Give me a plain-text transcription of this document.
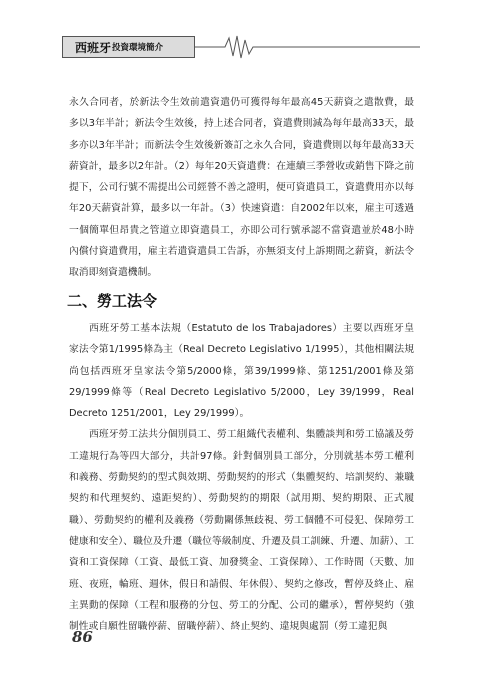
西班牙 投資環境簡介

永久合同者，於新法令生效前遣資遣仍可獲得每年最高45天薪資之遣散費，最多以3年半計；新法令生效後，持上述合同者，資遣費則減為每年最高33天，最多亦以3年半計；而新法令生效後新簽訂之永久合同，資遣費則以每年最高33天薪資計，最多以2年計。（2）每年20天資遣費：在連續三季營收或銷售下降之前提下，公司行號不需提出公司經營不善之證明，便可資遣員工，資遣費用亦以每年20天薪資計算，最多以一年計。（3）快速資遣：自2002年以來，雇主可透過一個簡單但昂貴之管道立即資遣員工，亦即公司行號承認不當資遣並於48小時內償付資遣費用，雇主若遣資遣員工告訴，亦無須支付上訴期間之薪資，新法令取消即刻資遣機制。

二、勞工法令

西班牙勞工基本法規（Estatuto de los Trabajadores）主要以西班牙皇家法令第1/1995條為主（Real Decreto Legislativo 1/1995），其他相關法規尚包括西班牙皇家法令第5/2000條，第39/1999條、第1251/2001條及第29/1999條等（Real Decreto Legislativo 5/2000，Ley 39/1999，Real Decreto 1251/2001，Ley 29/1999）。

西班牙勞工法共分個別員工、勞工組織代表權利、集體談判和勞工協議及勞工違規行為等四大部分，共計97條。針對個別員工部分，分別就基本勞工權利和義務、勞動契約的型式與效期、勞動契約的形式（集體契約、培訓契約、兼職契約和代理契約、遠距契約）、勞動契約的期限（試用期、契約期限、正式履職）、勞動契約的權利及義務（勞動關係無歧視、勞工個體不可侵犯、保障勞工健康和安全）、職位及升遷（職位等級制度、升遷及員工訓練、升遷、加薪）、工資和工資保障（工資、最低工資、加發獎金、工資保障）、工作時間（天數、加班、夜班，輪班、週休，假日和請假、年休假）、契約之修改，暫停及終止、雇主異動的保障（工程和服務的分包、勞工的分配、公司的繼承），暫停契約（強制性或自願性留職停薪、留職停薪）、終止契約、違規與處罰（勞工違犯與

86
